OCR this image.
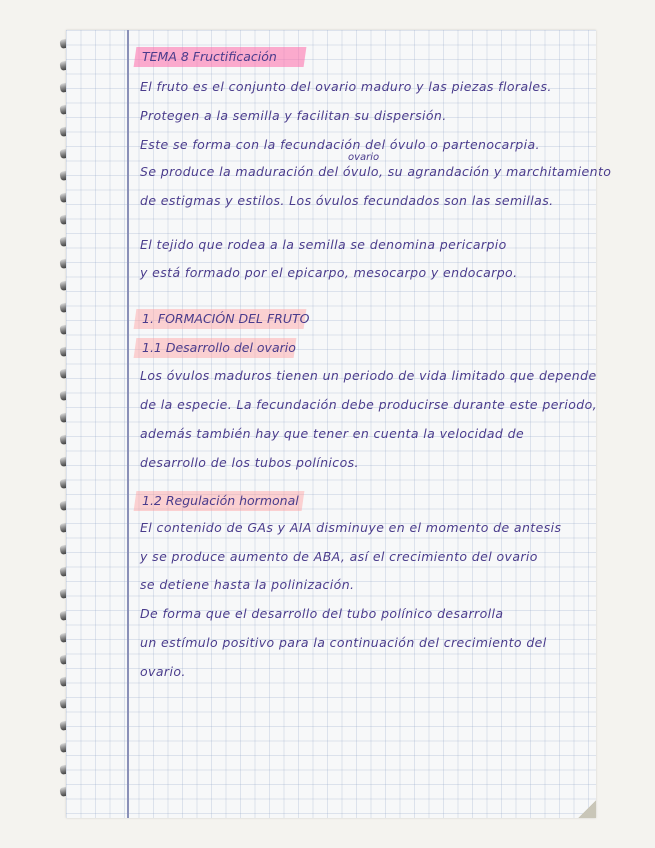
TEMA 8 Fructificación
El fruto es el conjunto del ovario maduro y las piezas florales.
Protegen a la semilla y facilitan su dispersión.
Este se forma con la fecundación del óvulo o partenocarpia.
ovario
Se produce la maduración del óvulo, su agrandación y marchitamiento
de estigmas y estilos. Los óvulos fecundados son las semillas.
El tejido que rodea a la semilla se denomina pericarpio
y está formado por el epicarpo, mesocarpo y endocarpo.
1. FORMACIÓN DEL FRUTO
1.1 Desarrollo del ovario
Los óvulos maduros tienen un periodo de vida limitado que depende
de la especie. La fecundación debe producirse durante este periodo,
además también hay que tener en cuenta la velocidad de
desarrollo de los tubos polínicos.
1.2 Regulación hormonal
El contenido de GAs y AIA disminuye en el momento de antesis
y se produce aumento de ABA, así el crecimiento del ovario
se detiene hasta la polinización.
De forma que el desarrollo del tubo polínico desarrolla
un estímulo positivo para la continuación del crecimiento del
ovario.
